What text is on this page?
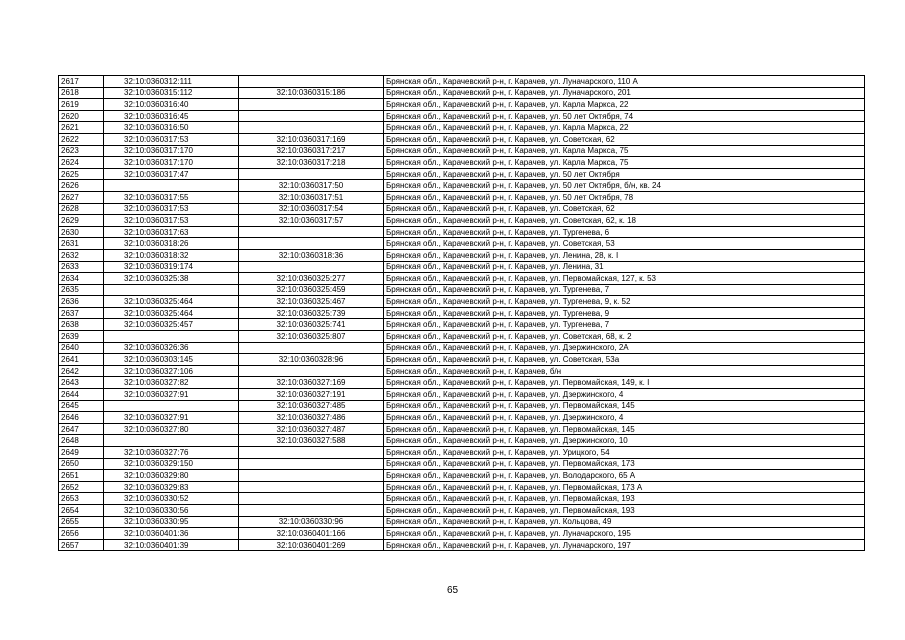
2617	32:10:0360312:111		Брянская обл., Карачевский р-н, г. Карачев, ул. Луначарского, 110 А
2618	32:10:0360315:112	32:10:0360315:186	Брянская обл., Карачевский р-н, г. Карачев, ул. Луначарского, 201
2619	32:10:0360316:40		Брянская обл., Карачевский р-н, г. Карачев, ул. Карла Маркса, 22
2620	32:10:0360316:45		Брянская обл., Карачевский р-н, г. Карачев, ул. 50 лет Октября, 74
2621	32:10:0360316:50		Брянская обл., Карачевский р-н, г. Карачев, ул. Карла Маркса, 22
2622	32:10:0360317:53	32:10:0360317:169	Брянская обл., Карачевский р-н, г. Карачев, ул. Советская, 62
2623	32:10:0360317:170	32:10:0360317:217	Брянская обл., Карачевский р-н, г. Карачев, ул. Карла Маркса, 75
2624	32:10:0360317:170	32:10:0360317:218	Брянская обл., Карачевский р-н, г. Карачев, ул. Карла Маркса, 75
2625	32:10:0360317:47		Брянская обл., Карачевский р-н, г. Карачев, ул. 50 лет Октября
2626		32:10:0360317:50	Брянская обл., Карачевский р-н, г. Карачев, ул. 50 лет Октября, б/н, кв. 24
2627	32:10:0360317:55	32:10:0360317:51	Брянская обл., Карачевский р-н, г. Карачев, ул. 50 лет Октября, 78
2628	32:10:0360317:53	32:10:0360317:54	Брянская обл., Карачевский р-н, г. Карачев, ул. Советская, 62
2629	32:10:0360317:53	32:10:0360317:57	Брянская обл., Карачевский р-н, г. Карачев, ул. Советская, 62, к. 18
2630	32:10:0360317:63		Брянская обл., Карачевский р-н, г. Карачев, ул. Тургенева, 6
2631	32:10:0360318:26		Брянская обл., Карачевский р-н, г. Карачев, ул. Советская, 53
2632	32:10:0360318:32	32:10:0360318:36	Брянская обл., Карачевский р-н, г. Карачев, ул. Ленина, 28, к. I
2633	32:10:0360319:174		Брянская обл., Карачевский р-н, г. Карачев, ул. Ленина, 31
2634	32:10:0360325:38	32:10:0360325:277	Брянская обл., Карачевский р-н, г. Карачев, ул. Первомайская, 127, к. 53
2635		32:10:0360325:459	Брянская обл., Карачевский р-н, г. Карачев, ул. Тургенева, 7
2636	32:10:0360325:464	32:10:0360325:467	Брянская обл., Карачевский р-н, г. Карачев, ул. Тургенева, 9, к. 52
2637	32:10:0360325:464	32:10:0360325:739	Брянская обл., Карачевский р-н, г. Карачев, ул. Тургенева, 9
2638	32:10:0360325:457	32:10:0360325:741	Брянская обл., Карачевский р-н, г. Карачев, ул. Тургенева, 7
2639		32:10:0360325:807	Брянская обл., Карачевский р-н, г. Карачев, ул. Советская, 68, к. 2
2640	32:10:0360326:36		Брянская обл., Карачевский р-н, г. Карачев, ул. Дзержинского, 2А
2641	32:10:0360303:145	32:10:0360328:96	Брянская обл., Карачевский р-н, г. Карачев, ул. Советская, 53а
2642	32:10:0360327:106		Брянская обл., Карачевский р-н, г. Карачев, б/н
2643	32:10:0360327:82	32:10:0360327:169	Брянская обл., Карачевский р-н, г. Карачев, ул. Первомайская, 149, к. I
2644	32:10:0360327:91	32:10:0360327:191	Брянская обл., Карачевский р-н, г. Карачев, ул. Дзержинского, 4
2645		32:10:0360327:485	Брянская обл., Карачевский р-н, г. Карачев, ул. Первомайская, 145
2646	32:10:0360327:91	32:10:0360327:486	Брянская обл., Карачевский р-н, г. Карачев, ул. Дзержинского, 4
2647	32:10:0360327:80	32:10:0360327:487	Брянская обл., Карачевский р-н, г. Карачев, ул. Первомайская, 145
2648		32:10:0360327:588	Брянская обл., Карачевский р-н, г. Карачев, ул. Дзержинского, 10
2649	32:10:0360327:76		Брянская обл., Карачевский р-н, г. Карачев, ул. Урицкого, 54
2650	32:10:0360329:150		Брянская обл., Карачевский р-н, г. Карачев, ул. Первомайская, 173
2651	32:10:0360329:80		Брянская обл., Карачевский р-н, г. Карачев, ул. Володарского, 65 А
2652	32:10:0360329:83		Брянская обл., Карачевский р-н, г. Карачев, ул. Первомайская, 173 А
2653	32:10:0360330:52		Брянская обл., Карачевский р-н, г. Карачев, ул. Первомайская, 193
2654	32:10:0360330:56		Брянская обл., Карачевский р-н, г. Карачев, ул. Первомайская, 193
2655	32:10:0360330:95	32:10:0360330:96	Брянская обл., Карачевский р-н, г. Карачев, ул. Кольцова, 49
2656	32:10:0360401:36	32:10:0360401:166	Брянская обл., Карачевский р-н, г. Карачев, ул. Луначарского, 195
2657	32:10:0360401:39	32:10:0360401:269	Брянская обл., Карачевский р-н, г. Карачев, ул. Луначарского, 197
65
